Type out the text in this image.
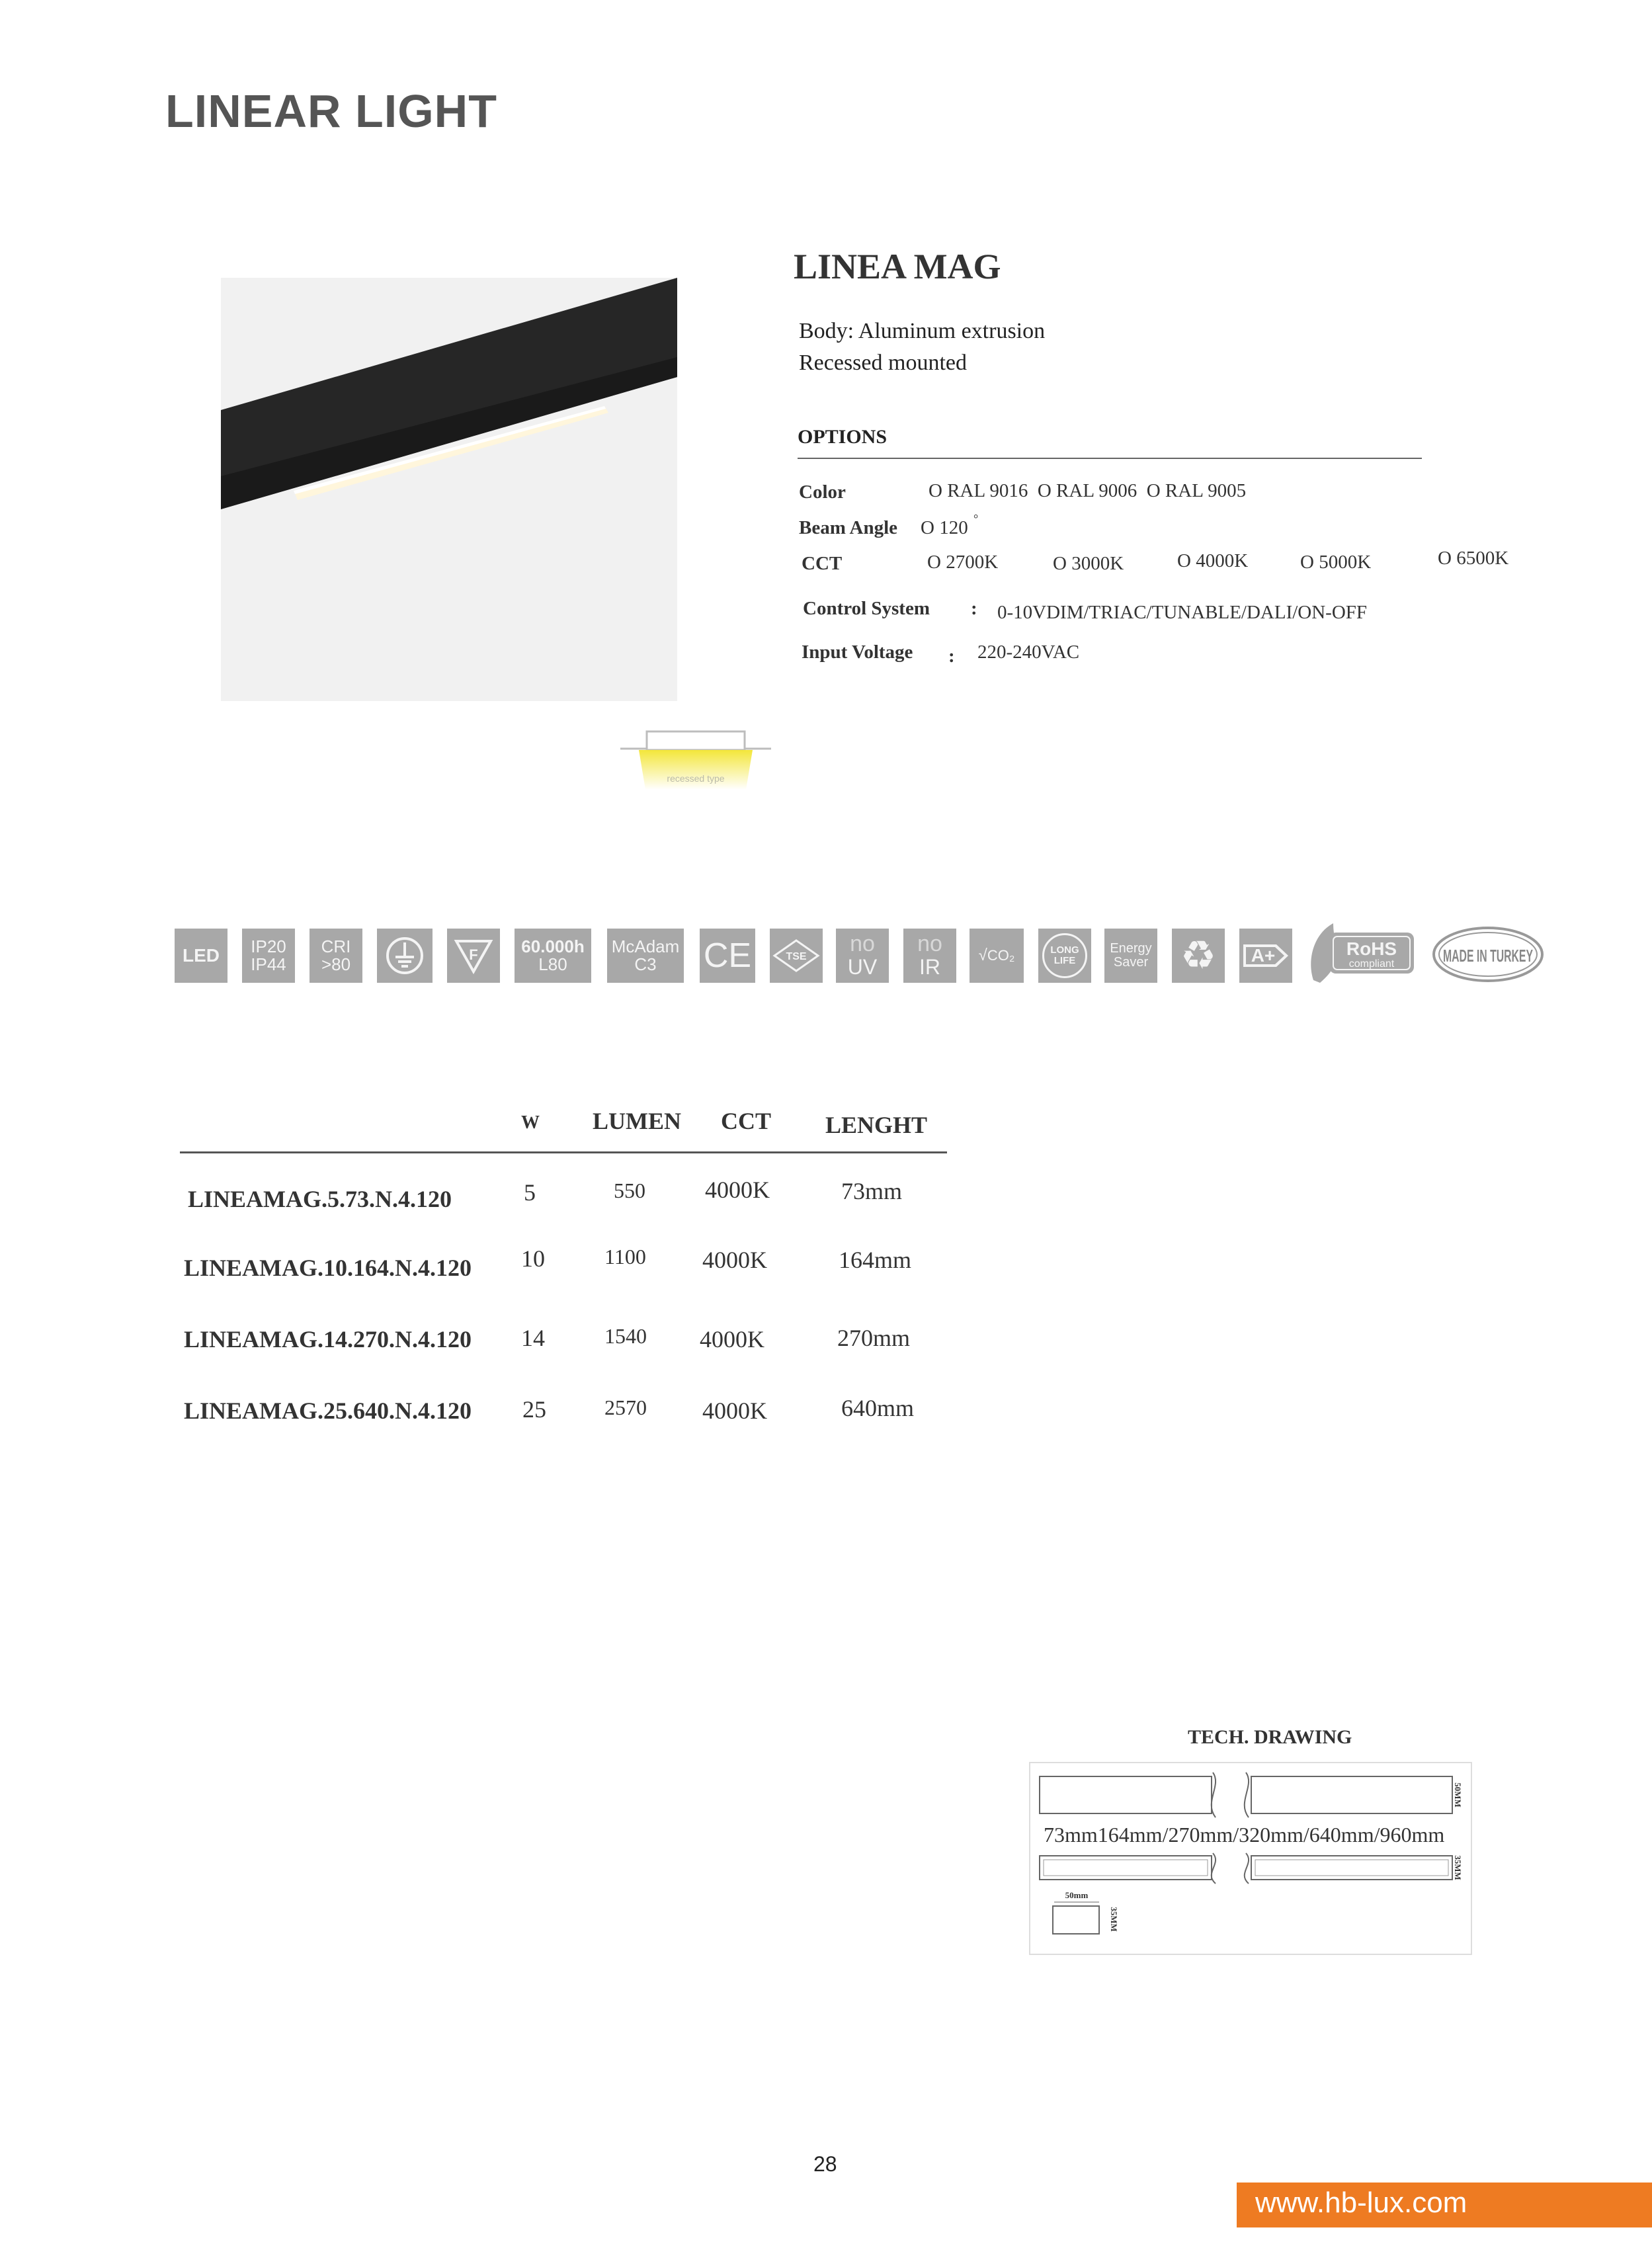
LINEAR LIGHT
recessed type
LINEA MAG
Body: Aluminum extrusion
Recessed mounted
OPTIONS
Color	O RAL 9016  O RAL 9006  O RAL 9005
Beam Angle O 120 °
CCT	O 2700K	O 3000K	O 4000K	O 5000K	O 6500K
Control System : 0-10VDIM/TRIAC/TUNABLE/DALI/ON-OFF
Input Voltage : 220-240VAC
LED IP20
IP44
CRI
>80	F	60.000h
L80
McAdam
C3	CE	TSE
no
UV
no
IR √ CO₂	LONG
LIFE
Energy
Saver ♻ A+	RoHS
compliant	MADE IN TURKEY
W LUMEN CCT LENGHT
LINEAMAG.5.73.N.4.120	5	550	4000K	73mm
LINEAMAG.10.164.N.4.120 10	1100 4000K	164mm
LINEAMAG.14.270.N.4.120 14	1540 4000K	270mm
LINEAMAG.25.640.N.4.120 25	2570 4000K	640mm
TECH. DRAWING
50MM
35MM
50mm
35MM
73mm164mm/270mm/320mm/640mm/960mm
28
www.hb-lux.com
